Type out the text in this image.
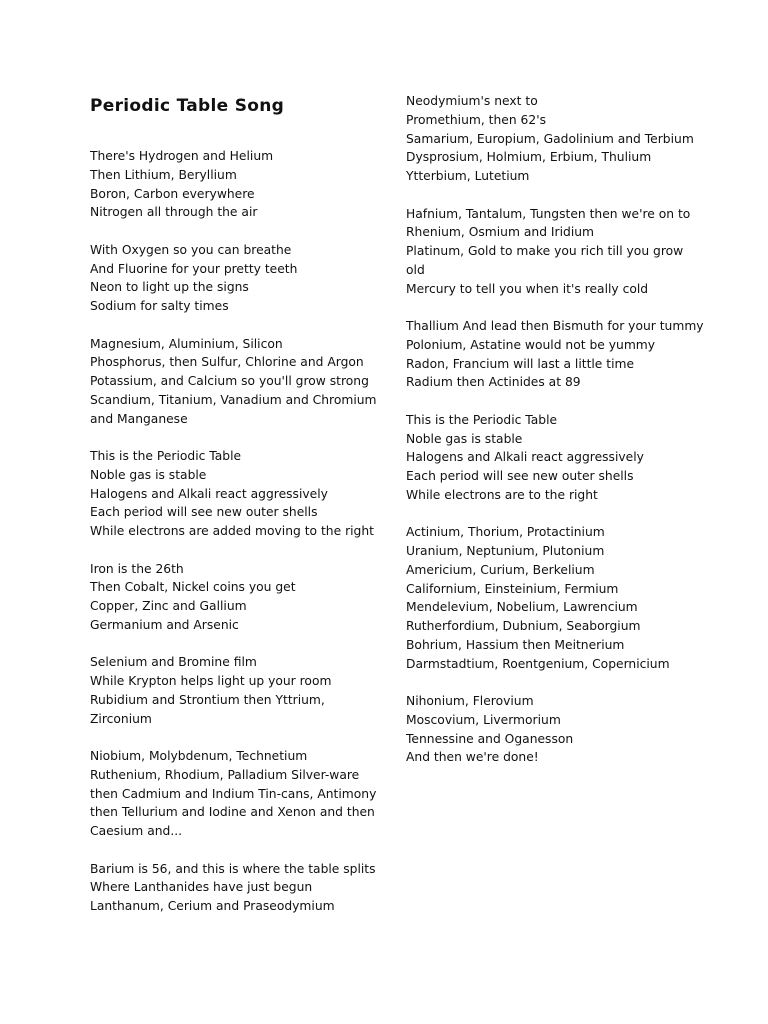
Periodic Table Song
There's Hydrogen and Helium
Then Lithium, Beryllium
Boron, Carbon everywhere
Nitrogen all through the air
With Oxygen so you can breathe
And Fluorine for your pretty teeth
Neon to light up the signs
Sodium for salty times
Magnesium, Aluminium, Silicon
Phosphorus, then Sulfur, Chlorine and Argon
Potassium, and Calcium so you'll grow strong
Scandium, Titanium, Vanadium and Chromium
and Manganese
This is the Periodic Table
Noble gas is stable
Halogens and Alkali react aggressively
Each period will see new outer shells
While electrons are added moving to the right
Iron is the 26th
Then Cobalt, Nickel coins you get
Copper, Zinc and Gallium
Germanium and Arsenic
Selenium and Bromine film
While Krypton helps light up your room
Rubidium and Strontium then Yttrium,
Zirconium
Niobium, Molybdenum, Technetium
Ruthenium, Rhodium, Palladium Silver-ware
then Cadmium and Indium Tin-cans, Antimony
then Tellurium and Iodine and Xenon and then
Caesium and...
Barium is 56, and this is where the table splits
Where Lanthanides have just begun
Lanthanum, Cerium and Praseodymium
Neodymium's next to
Promethium, then 62's
Samarium, Europium, Gadolinium and Terbium
Dysprosium, Holmium, Erbium, Thulium
Ytterbium, Lutetium
Hafnium, Tantalum, Tungsten then we're on to
Rhenium, Osmium and Iridium
Platinum, Gold to make you rich till you grow
old
Mercury to tell you when it's really cold
Thallium And lead then Bismuth for your tummy
Polonium, Astatine would not be yummy
Radon, Francium will last a little time
Radium then Actinides at 89
This is the Periodic Table
Noble gas is stable
Halogens and Alkali react aggressively
Each period will see new outer shells
While electrons are to the right
Actinium, Thorium, Protactinium
Uranium, Neptunium, Plutonium
Americium, Curium, Berkelium
Californium, Einsteinium, Fermium
Mendelevium, Nobelium, Lawrencium
Rutherfordium, Dubnium, Seaborgium
Bohrium, Hassium then Meitnerium
Darmstadtium, Roentgenium, Copernicium
Nihonium, Flerovium
Moscovium, Livermorium
Tennessine and Oganesson
And then we're done!
